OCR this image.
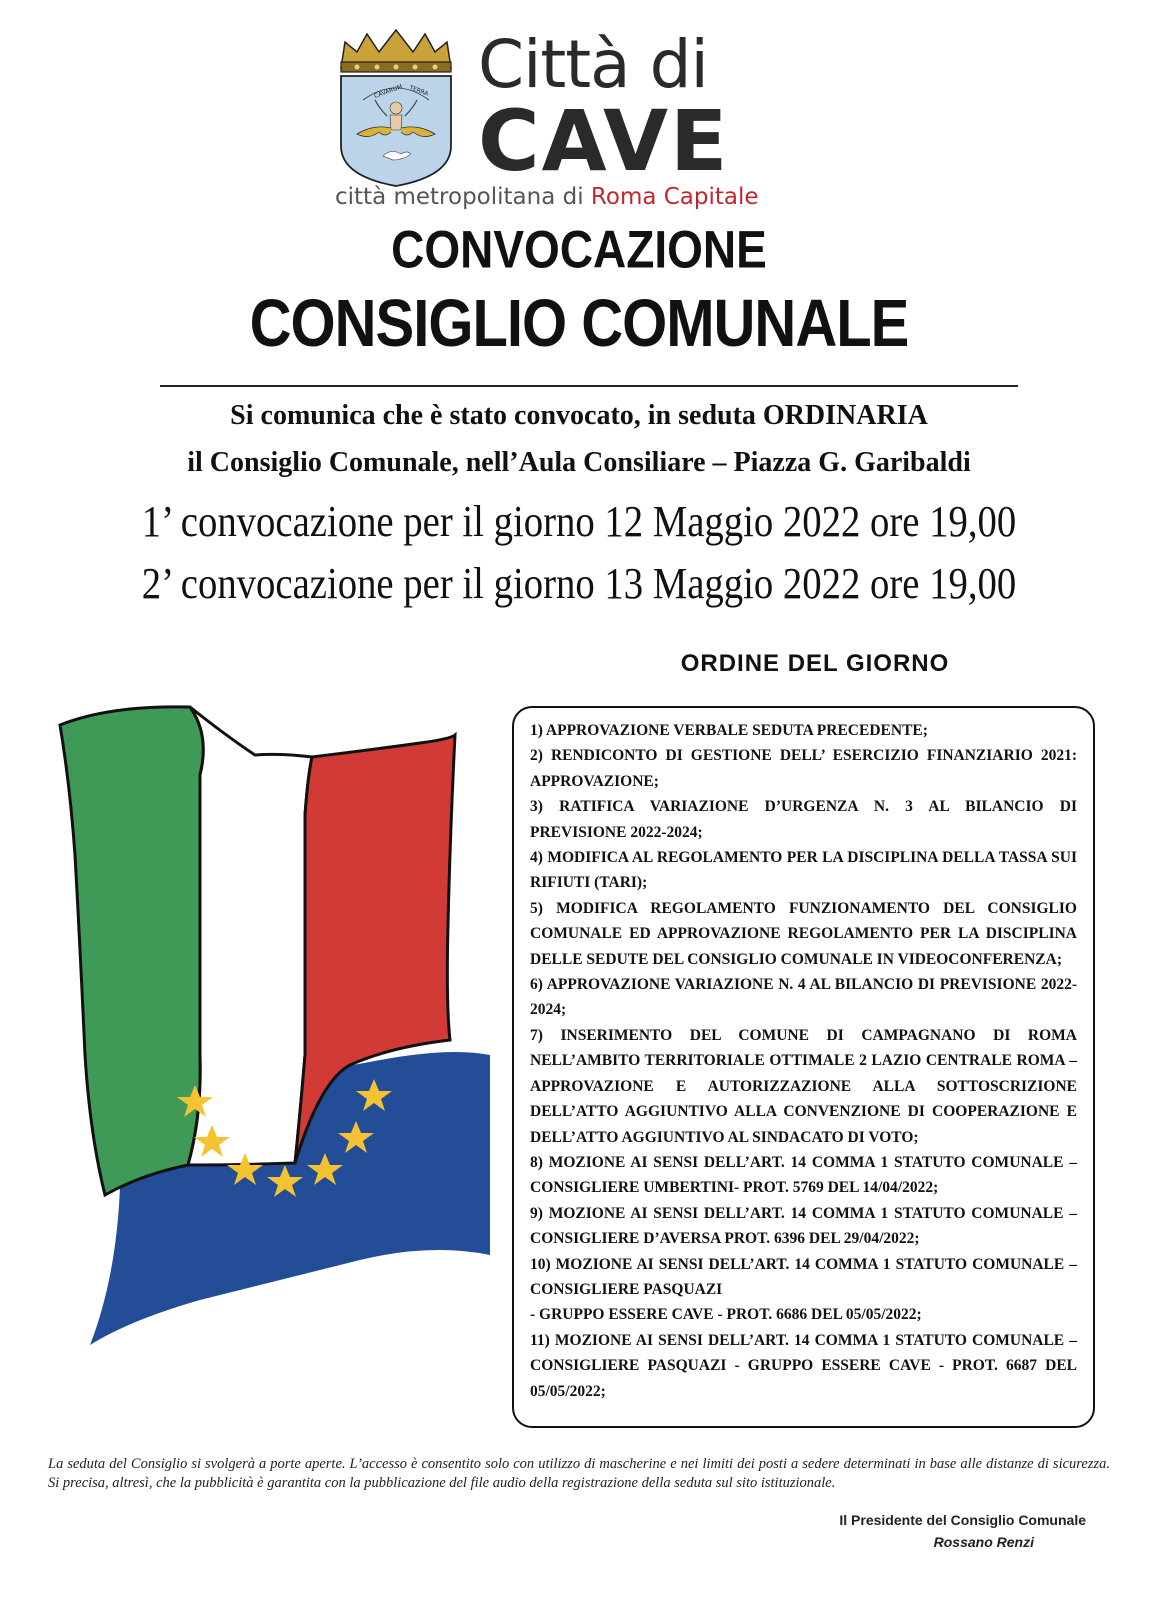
CAVARUM TERRA Città di
CAVE
città metropolitana di Roma Capitale
CONVOCAZIONE
CONSIGLIO COMUNALE
Si comunica che è stato convocato, in seduta ORDINARIA
il Consiglio Comunale, nell’Aula Consiliare – Piazza G. Garibaldi
1’ convocazione per il giorno 12 Maggio 2022 ore 19,00
2’ convocazione per il giorno 13 Maggio 2022 ore 19,00
ORDINE DEL GIORNO
1) APPROVAZIONE VERBALE SEDUTA PRECEDENTE;
2) RENDICONTO DI GESTIONE DELL’ ESERCIZIO FINANZIARIO 2021: APPROVAZIONE;
3) RATIFICA VARIAZIONE D’URGENZA N. 3 AL BILANCIO DI PREVISIONE 2022-2024;
4) MODIFICA AL REGOLAMENTO PER LA DISCIPLINA DELLA TASSA SUI RIFIUTI (TARI);
5) MODIFICA REGOLAMENTO FUNZIONAMENTO DEL CONSIGLIO COMUNALE ED APPROVAZIONE REGOLAMENTO PER LA DISCIPLINA DELLE SEDUTE DEL CONSIGLIO COMUNALE IN VIDEOCONFERENZA;
6) APPROVAZIONE VARIAZIONE N. 4 AL BILANCIO DI PREVISIONE 2022-2024;
7) INSERIMENTO DEL COMUNE DI CAMPAGNANO DI ROMA NELL’AMBITO TERRITORIALE OTTIMALE 2 LAZIO CENTRALE ROMA – APPROVAZIONE E AUTORIZZAZIONE ALLA SOTTOSCRIZIONE DELL’ATTO AGGIUNTIVO ALLA CONVENZIONE DI COOPERAZIONE E DELL’ATTO AGGIUNTIVO AL SINDACATO DI VOTO;
8) MOZIONE AI SENSI DELL’ART. 14 COMMA 1 STATUTO COMUNALE – CONSIGLIERE UMBERTINI- PROT. 5769 DEL 14/04/2022;
9) MOZIONE AI SENSI DELL’ART. 14 COMMA 1 STATUTO COMUNALE – CONSIGLIERE D’AVERSA PROT. 6396 DEL 29/04/2022;
10) MOZIONE AI SENSI DELL’ART. 14 COMMA 1 STATUTO COMUNALE – CONSIGLIERE PASQUAZI
- GRUPPO ESSERE CAVE - PROT. 6686 DEL 05/05/2022;
11) MOZIONE AI SENSI DELL’ART. 14 COMMA 1 STATUTO COMUNALE – CONSIGLIERE PASQUAZI - GRUPPO ESSERE CAVE - PROT. 6687 DEL 05/05/2022;
La seduta del Consiglio si svolgerà a porte aperte. L’accesso è consentito solo con utilizzo di mascherine e nei limiti dei posti a sedere determinati in base alle distanze di sicurezza. Si precisa, altresì, che la pubblicità è garantita con la pubblicazione del file audio della registrazione della seduta sul sito istituzionale.
Il Presidente del Consiglio Comunale
Rossano Renzi
